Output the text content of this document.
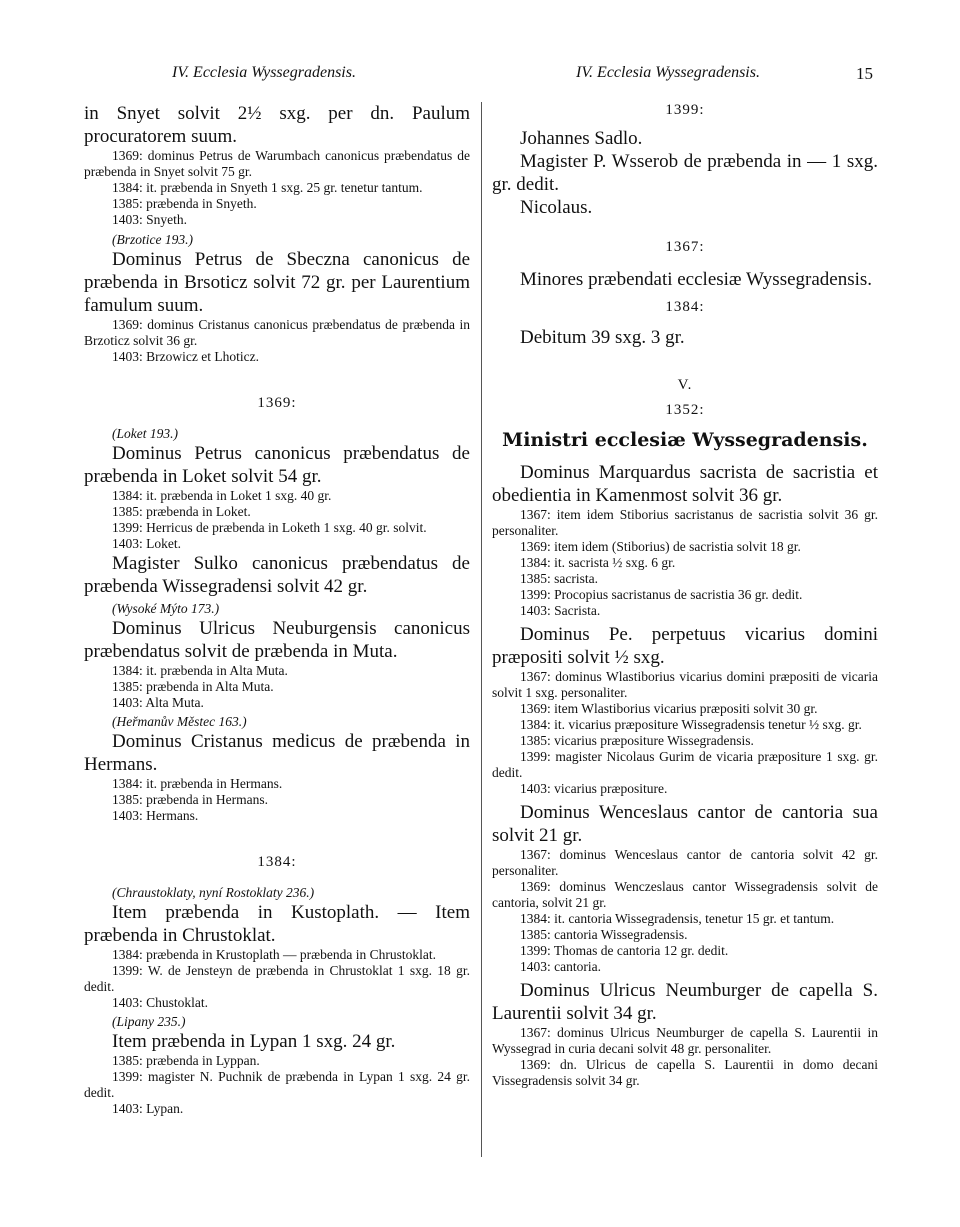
IV. Ecclesia Wyssegradensis.	IV. Ecclesia Wyssegradensis.	15

in Snyet solvit 2½ sxg. per dn. Paulum procuratorem suum.

1369: dominus Petrus de Warumbach canonicus præbendatus de præbenda in Snyet solvit 75 gr.

1384: it. præbenda in Snyeth 1 sxg. 25 gr. tenetur tantum.

1385: præbenda in Snyeth.

1403: Snyeth.

(Brzotice 193.)

Dominus Petrus de Sbeczna canonicus de præbenda in Brsoticz solvit 72 gr. per Laurentium famulum suum.

1369: dominus Cristanus canonicus præbendatus de præbenda in Brzoticz solvit 36 gr.

1403: Brzowicz et Lhoticz.

1369:

(Loket 193.)

Dominus Petrus canonicus præbendatus de præbenda in Loket solvit 54 gr.

1384: it. præbenda in Loket 1 sxg. 40 gr.

1385: præbenda in Loket.

1399: Herricus de præbenda in Loketh 1 sxg. 40 gr. solvit.

1403: Loket.

Magister Sulko canonicus præbendatus de præbenda Wissegradensi solvit 42 gr.

(Wysoké Mýto 173.)

Dominus Ulricus Neuburgensis canonicus præbendatus solvit de præbenda in Muta.

1384: it. præbenda in Alta Muta.

1385: præbenda in Alta Muta.

1403: Alta Muta.

(Heřmanův Městec 163.)

Dominus Cristanus medicus de præbenda in Hermans.

1384: it. præbenda in Hermans.

1385: præbenda in Hermans.

1403: Hermans.

1384:

(Chraustoklaty, nyní Rostoklaty 236.)

Item præbenda in Kustoplath. — Item præbenda in Chrustoklat.

1384: præbenda in Krustoplath — præbenda in Chrustoklat.

1399: W. de Jensteyn de præbenda in Chrustoklat 1 sxg. 18 gr. dedit.

1403: Chustoklat.

(Lipany 235.)

Item præbenda in Lypan 1 sxg. 24 gr.

1385: præbenda in Lyppan.

1399: magister N. Puchnik de præbenda in Lypan 1 sxg. 24 gr. dedit.

1403: Lypan.

1399:

Johannes Sadlo.

Magister P. Wsserob de præbenda in — 1 sxg. gr. dedit.

Nicolaus.

1367:

Minores præbendati ecclesiæ Wyssegradensis.

1384:

Debitum 39 sxg. 3 gr.

V.

1352:

Ministri ecclesiæ Wyssegradensis.

Dominus Marquardus sacrista de sacristia et obedientia in Kamenmost solvit 36 gr.

1367: item idem Stiborius sacristanus de sacristia solvit 36 gr. personaliter.

1369: item idem (Stiborius) de sacristia solvit 18 gr.

1384: it. sacrista ½ sxg. 6 gr.

1385: sacrista.

1399: Procopius sacristanus de sacristia 36 gr. dedit.

1403: Sacrista.

Dominus Pe. perpetuus vicarius domini præpositi solvit ½ sxg.

1367: dominus Wlastiborius vicarius domini præpositi de vicaria solvit 1 sxg. personaliter.

1369: item Wlastiborius vicarius præpositi solvit 30 gr.

1384: it. vicarius præpositure Wissegradensis tenetur ½ sxg. gr.

1385: vicarius præpositure Wissegradensis.

1399: magister Nicolaus Gurim de vicaria præpositure 1 sxg. gr. dedit.

1403: vicarius præpositure.

Dominus Wenceslaus cantor de cantoria sua solvit 21 gr.

1367: dominus Wenceslaus cantor de cantoria solvit 42 gr. personaliter.

1369: dominus Wenczeslaus cantor Wissegradensis solvit de cantoria, solvit 21 gr.

1384: it. cantoria Wissegradensis, tenetur 15 gr. et tantum.

1385: cantoria Wissegradensis.

1399: Thomas de cantoria 12 gr. dedit.

1403: cantoria.

Dominus Ulricus Neumburger de capella S. Laurentii solvit 34 gr.

1367: dominus Ulricus Neumburger de capella S. Laurentii in Wyssegrad in curia decani solvit 48 gr. personaliter.

1369: dn. Ulricus de capella S. Laurentii in domo decani Vissegradensis solvit 34 gr.
